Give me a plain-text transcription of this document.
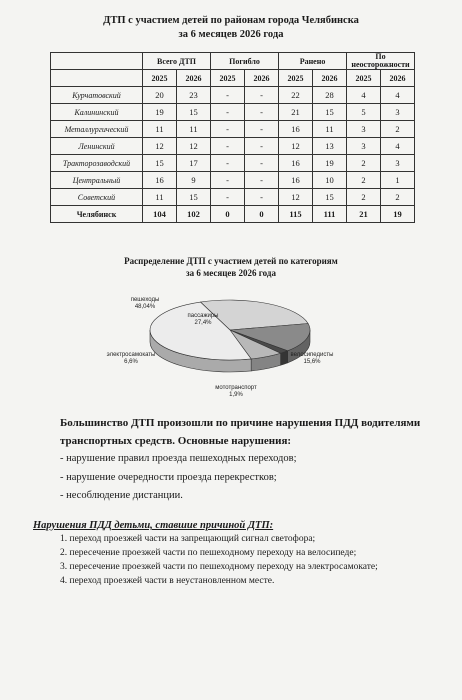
ДТП с участием детей по районам города Челябинска
за 6 месяцев 2026 года
	Всего ДТП		Погибло		Ранено		По неосторожности	
	2025	2026	2025	2026	2025	2026	2025	2026
Курчатовский	20	23	-	-	22	28	4	4
Калининский	19	15	-	-	21	15	5	3
Металлургический	11	11	-	-	16	11	3	2
Ленинский	12	12	-	-	12	13	3	4
Тракторозаводский	15	17	-	-	16	19	2	3
Центральный	16	9	-	-	16	10	2	1
Советский	11	15	-	-	12	15	2	2
Челябинск	104	102	0	0	115	111	21	19
Распределение ДТП с участием детей по категориям
за 6 месяцев 2026 года
пассажиры
27,4%
велосипедисты
15,6%
мототранспорт
1,9%
электросамокаты
6,6%
пешеходы
48,04%
Большинство ДТП произошли по причине нарушения ПДД водителями транспортных средств. Основные нарушения:
- нарушение правил проезда пешеходных переходов;
- нарушение очередности проезда перекрестков;
- несоблюдение дистанции.
Нарушения ПДД детьми, ставшие причиной ДТП:
1. переход проезжей части на запрещающий сигнал светофора;
2. пересечение проезжей части по пешеходному переходу на велосипеде;
3. пересечение проезжей части по пешеходному переходу на электросамокате;
4. переход проезжей части в неустановленном месте.
